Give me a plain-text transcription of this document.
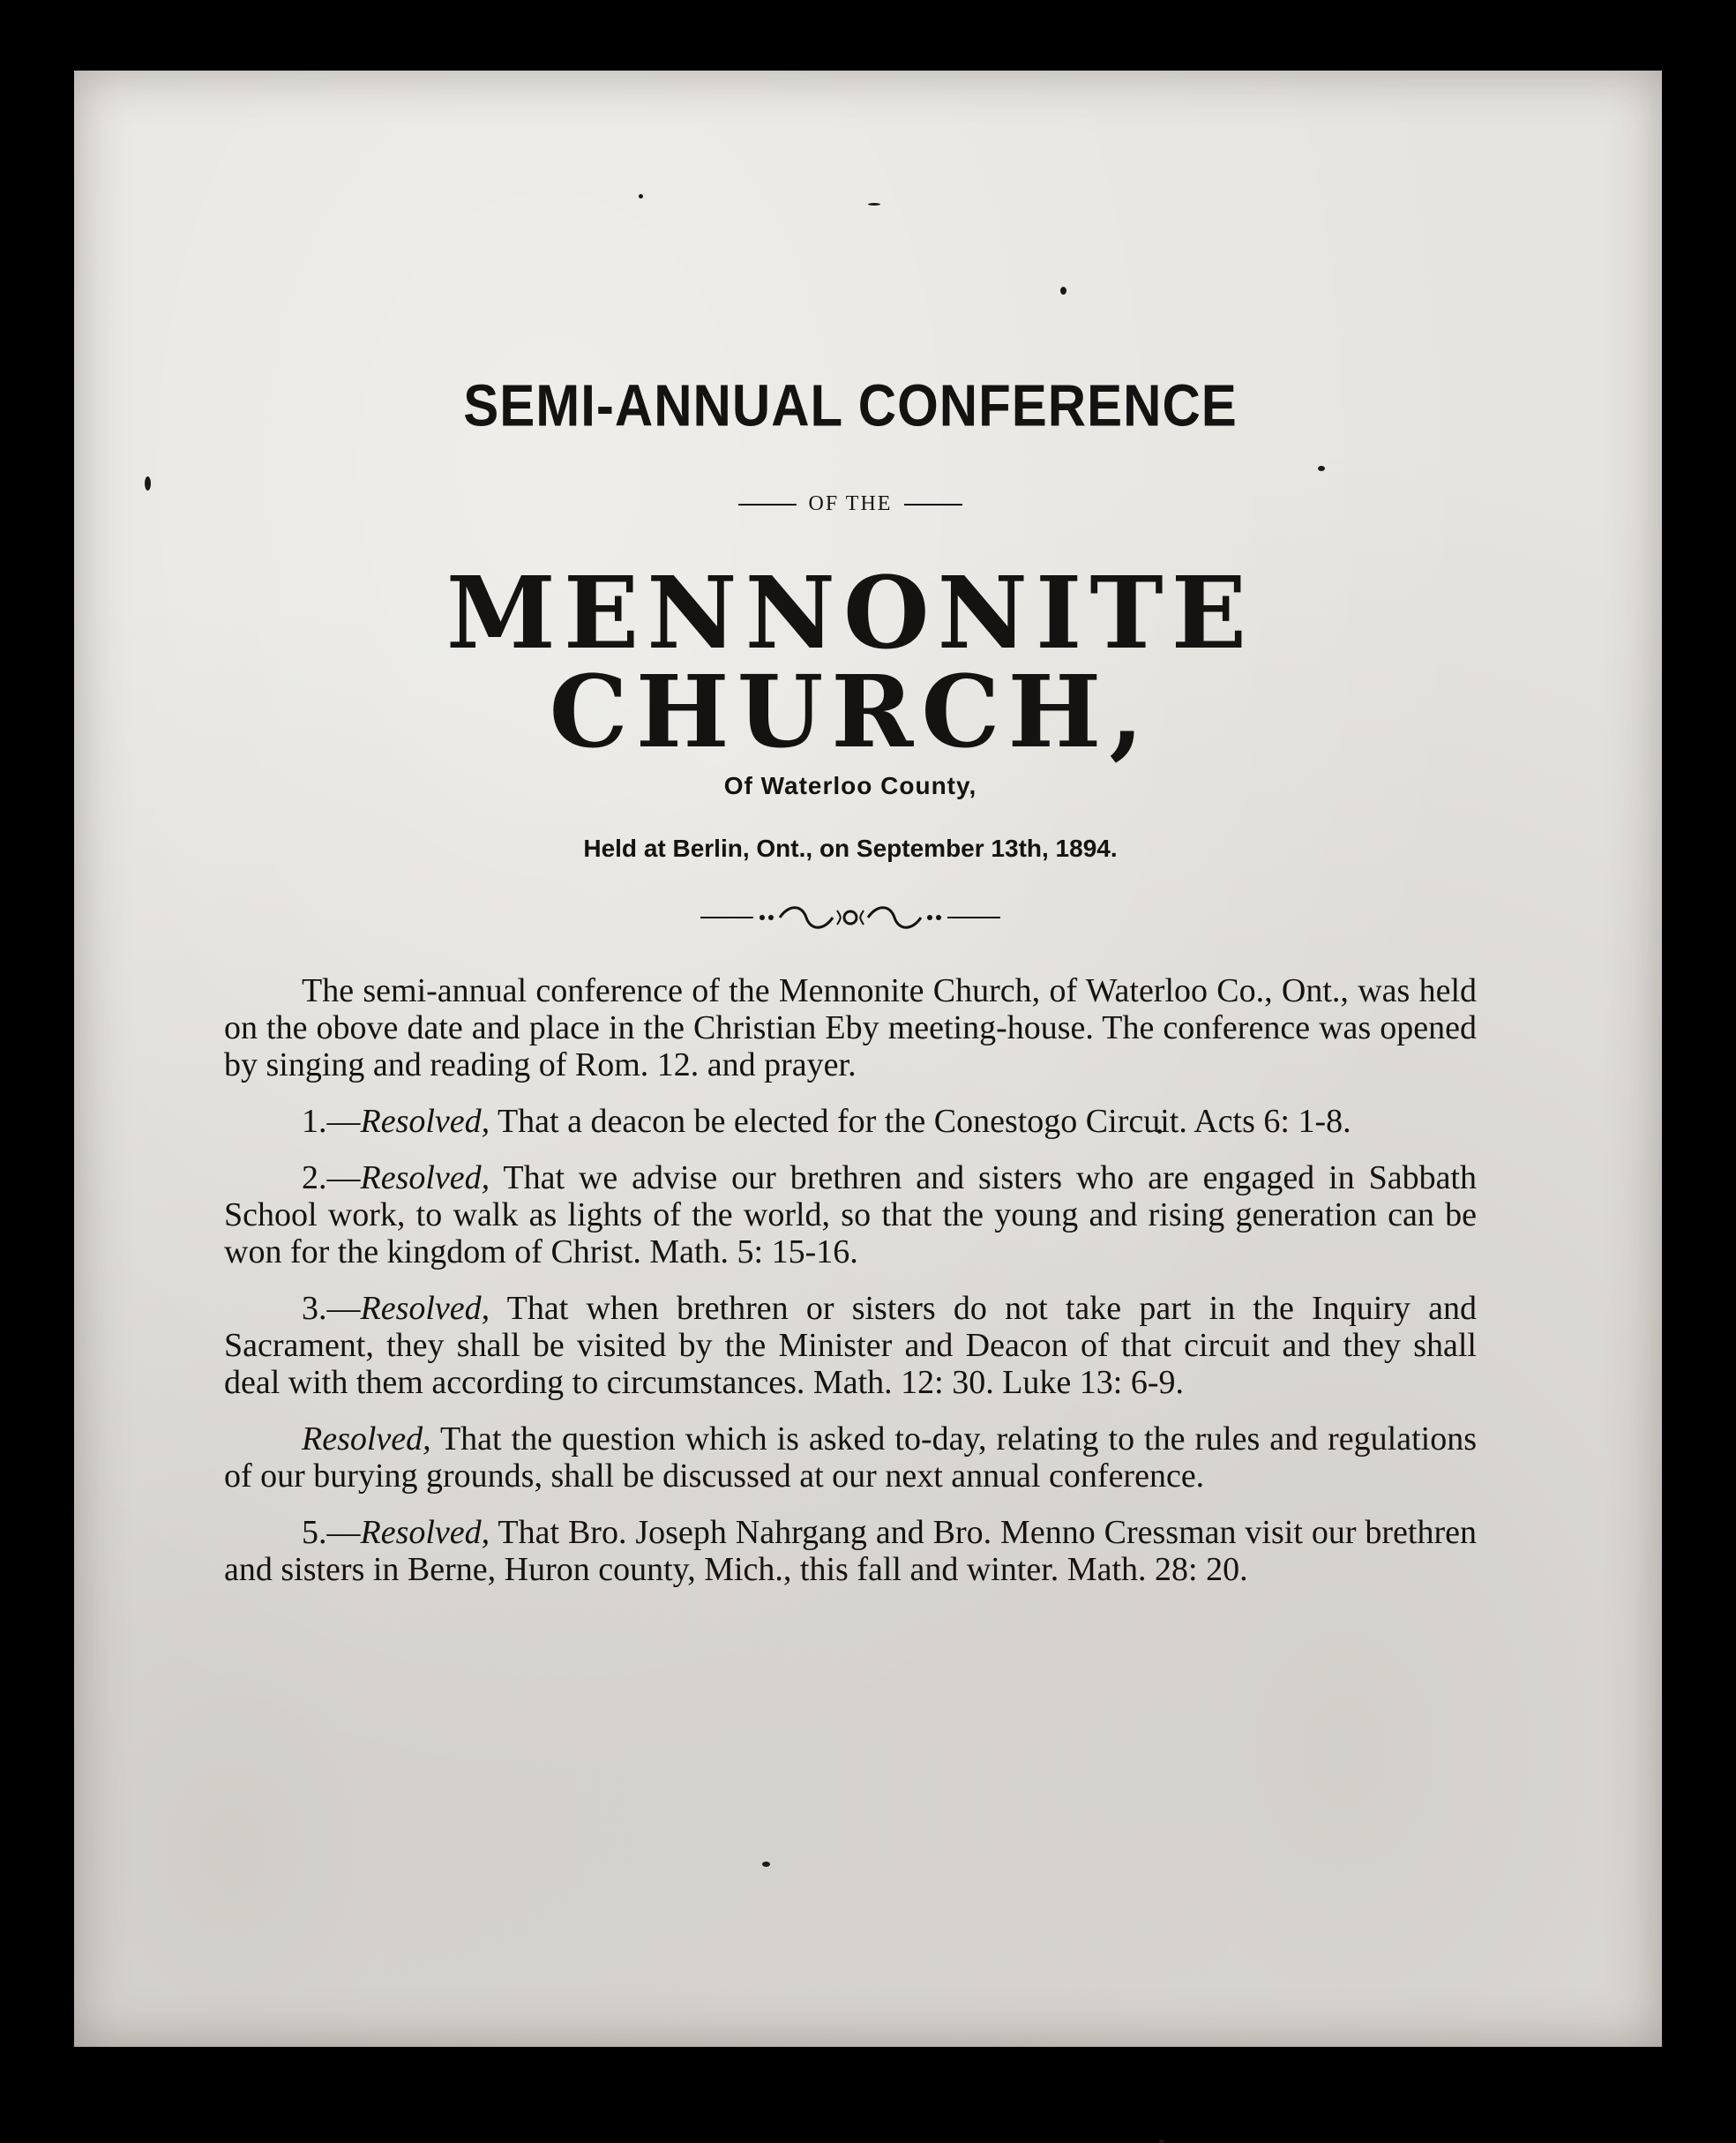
SEMI-ANNUAL CONFERENCE
OF THE
MENNONITE CHURCH,
Of Waterloo County,
Held at Berlin, Ont., on September 13th, 1894.

The semi-annual conference of the Mennonite Church, of Waterloo Co., Ont., was held on the obove date and place in the Christian Eby meeting-house. The conference was opened by singing and reading of Rom. 12. and prayer.

1.—Resolved, That a deacon be elected for the Conestogo Circuit. Acts 6: 1-8.

2.—Resolved, That we advise our brethren and sisters who are engaged in Sabbath School work, to walk as lights of the world, so that the young and rising generation can be won for the kingdom of Christ. Math. 5: 15-16.

3.—Resolved, That when brethren or sisters do not take part in the Inquiry and Sacrament, they shall be visited by the Minister and Deacon of that circuit and they shall deal with them according to circumstances. Math. 12: 30. Luke 13: 6-9.

Resolved, That the question which is asked to-day, relating to the rules and regulations of our burying grounds, shall be discussed at our next annual conference.

5.—Resolved, That Bro. Joseph Nahrgang and Bro. Menno Cressman visit our brethren and sisters in Berne, Huron county, Mich., this fall and winter. Math. 28: 20.
